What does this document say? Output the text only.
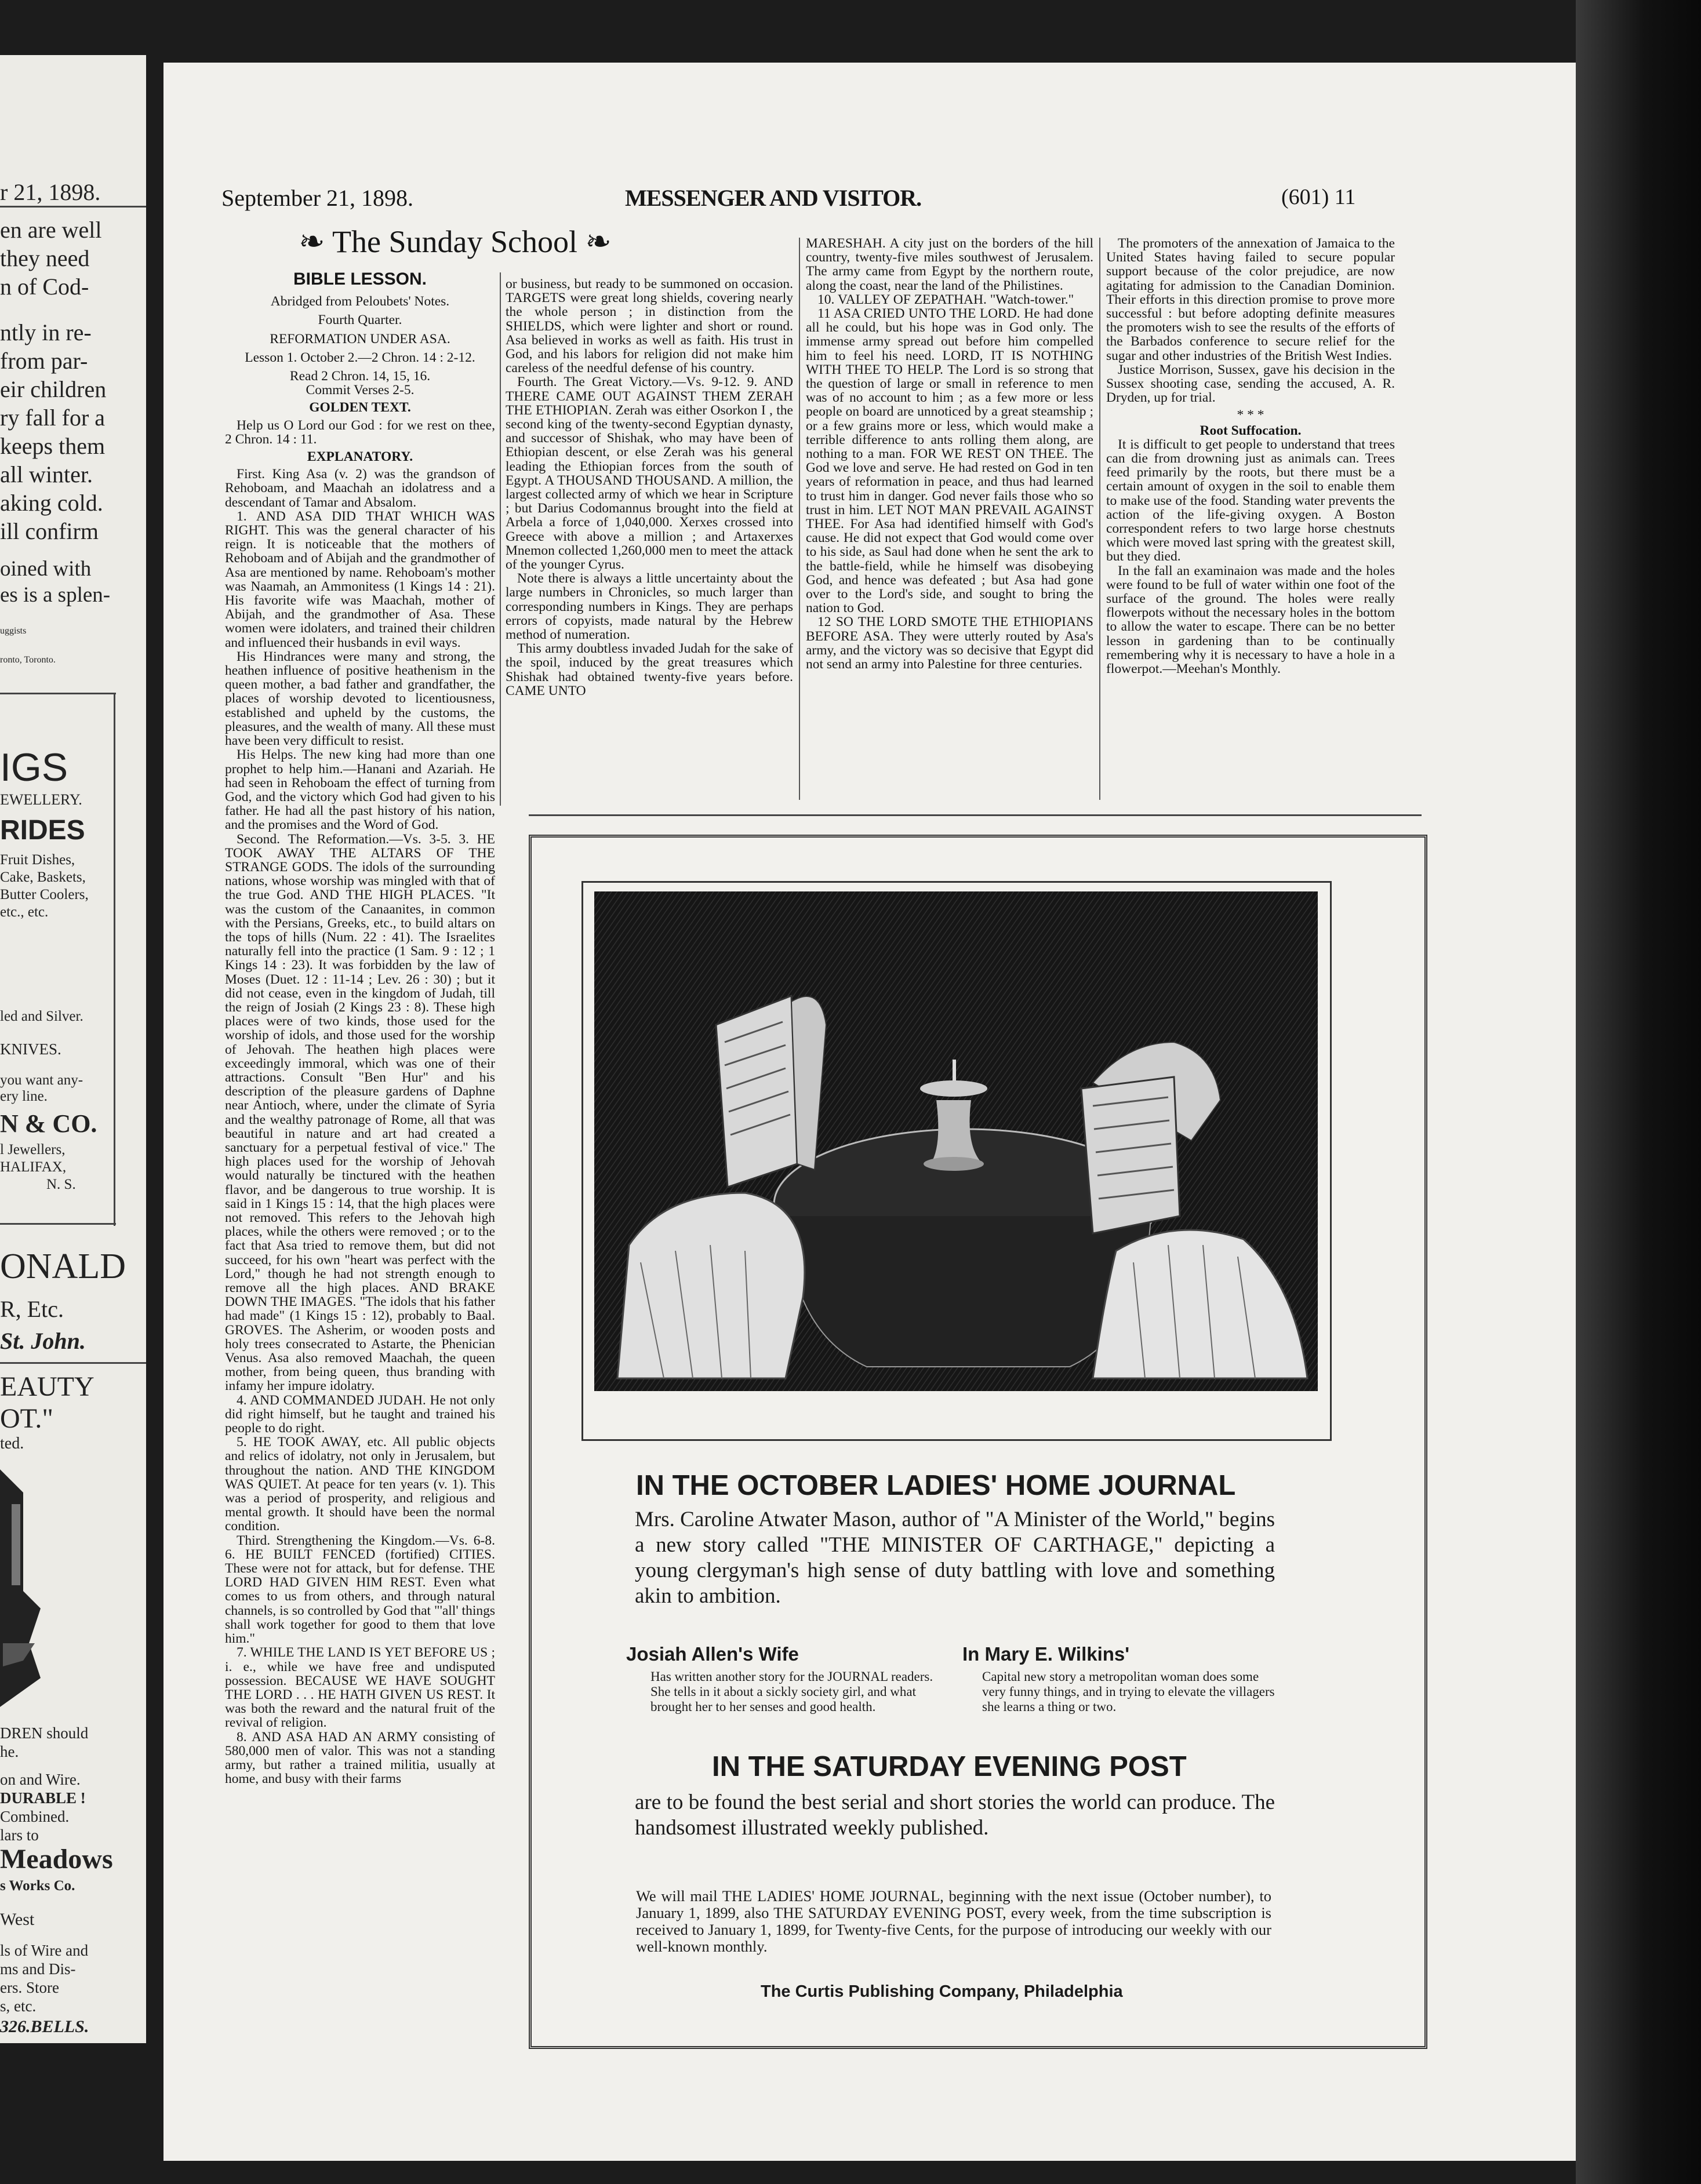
r 21, 1898.
en are well
they need
n of Cod-
ntly in re-
from par-
eir children
ry fall for a
keeps them
all winter.
aking cold.
ill confirm
oined with
es is a splen-
uggists
ronto, Toronto.
IGS
EWELLERY.
RIDES
Fruit Dishes,
Cake, Baskets,
Butter Coolers,
etc., etc.
led and Silver.
KNIVES.
you want any-
ery line.
N & CO.
l Jewellers,
HALIFAX,
N. S.
ONALD
R, Etc.
St. John.
EAUTY
OT."
ted.
DREN should
he.
on and Wire.
DURABLE !
Combined.
lars to
Meadows
s Works Co.
West
ls of Wire and
ms and Dis-
ers. Store
s, etc.
326.BELLS.
September 21, 1898.	MESSENGER AND VISITOR.	(601) 11
❧ The Sunday School ❧

BIBLE LESSON.

Abridged from Peloubets' Notes.

Fourth Quarter.

REFORMATION UNDER ASA.

Lesson 1. October 2.—2 Chron. 14 : 2-12.

Read 2 Chron. 14, 15, 16.

Commit Verses 2-5.

GOLDEN TEXT.

Help us O Lord our God : for we rest on thee, 2 Chron. 14 : 11.

EXPLANATORY.

First. King Asa (v. 2) was the grandson of Rehoboam, and Maachah an idolatress and a descendant of Tamar and Absalom.

1. AND ASA DID THAT WHICH WAS RIGHT. This was the general character of his reign. It is noticeable that the mothers of Rehoboam and of Abijah and the grandmother of Asa are mentioned by name. Rehoboam's mother was Naamah, an Ammonitess (1 Kings 14 : 21). His favorite wife was Maachah, mother of Abijah, and the grandmother of Asa. These women were idolaters, and trained their children and influenced their husbands in evil ways.

His Hindrances were many and strong, the heathen influence of positive heathenism in the queen mother, a bad father and grandfather, the places of worship devoted to licentiousness, established and upheld by the customs, the pleasures, and the wealth of many. All these must have been very difficult to resist.

His Helps. The new king had more than one prophet to help him.—Hanani and Azariah. He had seen in Rehoboam the effect of turning from God, and the victory which God had given to his father. He had all the past history of his nation, and the promises and the Word of God.

Second. The Reformation.—Vs. 3-5. 3. HE TOOK AWAY THE ALTARS OF THE STRANGE GODS. The idols of the surrounding nations, whose worship was mingled with that of the true God. AND THE HIGH PLACES. "It was the custom of the Canaanites, in common with the Persians, Greeks, etc., to build altars on the tops of hills (Num. 22 : 41). The Israelites naturally fell into the practice (1 Sam. 9 : 12 ; 1 Kings 14 : 23). It was forbidden by the law of Moses (Duet. 12 : 11-14 ; Lev. 26 : 30) ; but it did not cease, even in the kingdom of Judah, till the reign of Josiah (2 Kings 23 : 8). These high places were of two kinds, those used for the worship of idols, and those used for the worship of Jehovah. The heathen high places were exceedingly immoral, which was one of their attractions. Consult "Ben Hur" and his description of the pleasure gardens of Daphne near Antioch, where, under the climate of Syria and the wealthy patronage of Rome, all that was beautiful in nature and art had created a sanctuary for a perpetual festival of vice." The high places used for the worship of Jehovah would naturally be tinctured with the heathen flavor, and be dangerous to true worship. It is said in 1 Kings 15 : 14, that the high places were not removed. This refers to the Jehovah high places, while the others were removed ; or to the fact that Asa tried to remove them, but did not succeed, for his own "heart was perfect with the Lord," though he had not strength enough to remove all the high places. AND BRAKE DOWN THE IMAGES. "The idols that his father had made" (1 Kings 15 : 12), probably to Baal. GROVES. The Asherim, or wooden posts and holy trees consecrated to Astarte, the Phenician Venus. Asa also removed Maachah, the queen mother, from being queen, thus branding with infamy her impure idolatry.

4. AND COMMANDED JUDAH. He not only did right himself, but he taught and trained his people to do right.

5. HE TOOK AWAY, etc. All public objects and relics of idolatry, not only in Jerusalem, but throughout the nation. AND THE KINGDOM WAS QUIET. At peace for ten years (v. 1). This was a period of prosperity, and religious and mental growth. It should have been the normal condition.

Third. Strengthening the Kingdom.—Vs. 6-8. 6. HE BUILT FENCED (fortified) CITIES. These were not for attack, but for defense. THE LORD HAD GIVEN HIM REST. Even what comes to us from others, and through natural channels, is so controlled by God that "'all' things shall work together for good to them that love him."

7. WHILE THE LAND IS YET BEFORE US ; i. e., while we have free and undisputed possession. BECAUSE WE HAVE SOUGHT THE LORD . . . HE HATH GIVEN US REST. It was both the reward and the natural fruit of the revival of religion.

8. AND ASA HAD AN ARMY consisting of 580,000 men of valor. This was not a standing army, but rather a trained militia, usually at home, and busy with their farms

or business, but ready to be summoned on occasion. TARGETS were great long shields, covering nearly the whole person ; in distinction from the SHIELDS, which were lighter and short or round. Asa believed in works as well as faith. His trust in God, and his labors for religion did not make him careless of the needful defense of his country.

Fourth. The Great Victory.—Vs. 9-12. 9. AND THERE CAME OUT AGAINST THEM ZERAH THE ETHIOPIAN. Zerah was either Osorkon I , the second king of the twenty-second Egyptian dynasty, and successor of Shishak, who may have been of Ethiopian descent, or else Zerah was his general leading the Ethiopian forces from the south of Egypt. A THOUSAND THOUSAND. A million, the largest collected army of which we hear in Scripture ; but Darius Codomannus brought into the field at Arbela a force of 1,040,000. Xerxes crossed into Greece with above a million ; and Artaxerxes Mnemon collected 1,260,000 men to meet the attack of the younger Cyrus.

Note there is always a little uncertainty about the large numbers in Chronicles, so much larger than corresponding numbers in Kings. They are perhaps errors of copyists, made natural by the Hebrew method of numeration.

This army doubtless invaded Judah for the sake of the spoil, induced by the great treasures which Shishak had obtained twenty-five years before. CAME UNTO

MARESHAH. A city just on the borders of the hill country, twenty-five miles southwest of Jerusalem. The army came from Egypt by the northern route, along the coast, near the land of the Philistines.

10. VALLEY OF ZEPATHAH. "Watch-tower."

11 ASA CRIED UNTO THE LORD. He had done all he could, but his hope was in God only. The immense army spread out before him compelled him to feel his need. LORD, IT IS NOTHING WITH THEE TO HELP. The Lord is so strong that the question of large or small in reference to men was of no account to him ; as a few more or less people on board are unnoticed by a great steamship ; or a few grains more or less, which would make a terrible difference to ants rolling them along, are nothing to a man. FOR WE REST ON THEE. The God we love and serve. He had rested on God in ten years of reformation in peace, and thus had learned to trust him in danger. God never fails those who so trust in him. LET NOT MAN PREVAIL AGAINST THEE. For Asa had identified himself with God's cause. He did not expect that God would come over to his side, as Saul had done when he sent the ark to the battle-field, while he himself was disobeying God, and hence was defeated ; but Asa had gone over to the Lord's side, and sought to bring the nation to God.

12 SO THE LORD SMOTE THE ETHIOPIANS BEFORE ASA. They were utterly routed by Asa's army, and the victory was so decisive that Egypt did not send an army into Palestine for three centuries.

The promoters of the annexation of Jamaica to the United States having failed to secure popular support because of the color prejudice, are now agitating for admission to the Canadian Dominion. Their efforts in this direction promise to prove more successful : but before adopting definite measures the promoters wish to see the results of the efforts of the Barbados conference to secure relief for the sugar and other industries of the British West Indies.

Justice Morrison, Sussex, gave his decision in the Sussex shooting case, sending the accused, A. R. Dryden, up for trial.

* * *

Root Suffocation.

It is difficult to get people to understand that trees can die from drowning just as animals can. Trees feed primarily by the roots, but there must be a certain amount of oxygen in the soil to enable them to make use of the food. Standing water prevents the action of the life-giving oxygen. A Boston correspondent refers to two large horse chestnuts which were moved last spring with the greatest skill, but they died.

In the fall an examinaion was made and the holes were found to be full of water within one foot of the surface of the ground. The holes were really flowerpots without the necessary holes in the bottom to allow the water to escape. There can be no better lesson in gardening than to be continually remembering why it is necessary to have a hole in a flowerpot.—Meehan's Monthly.

IN THE OCTOBER LADIES' HOME JOURNAL
Mrs. Caroline Atwater Mason, author of "A Minister of the World," begins a new story called "THE MINISTER OF CARTHAGE," depicting a young clergyman's high sense of duty battling with love and something akin to ambition.
Josiah Allen's Wife
Has written another story for the JOURNAL readers. She tells in it about a sickly society girl, and what brought her to her senses and good health.
In Mary E. Wilkins'
Capital new story a metropolitan woman does some very funny things, and in trying to elevate the villagers she learns a thing or two.
IN THE SATURDAY EVENING POST
are to be found the best serial and short stories the world can produce. The handsomest illustrated weekly published.
We will mail THE LADIES' HOME JOURNAL, beginning with the next issue (October number), to January 1, 1899, also THE SATURDAY EVENING POST, every week, from the time subscription is received to January 1, 1899, for Twenty-five Cents, for the purpose of introducing our weekly with our well-known monthly.
The Curtis Publishing Company, Philadelphia
